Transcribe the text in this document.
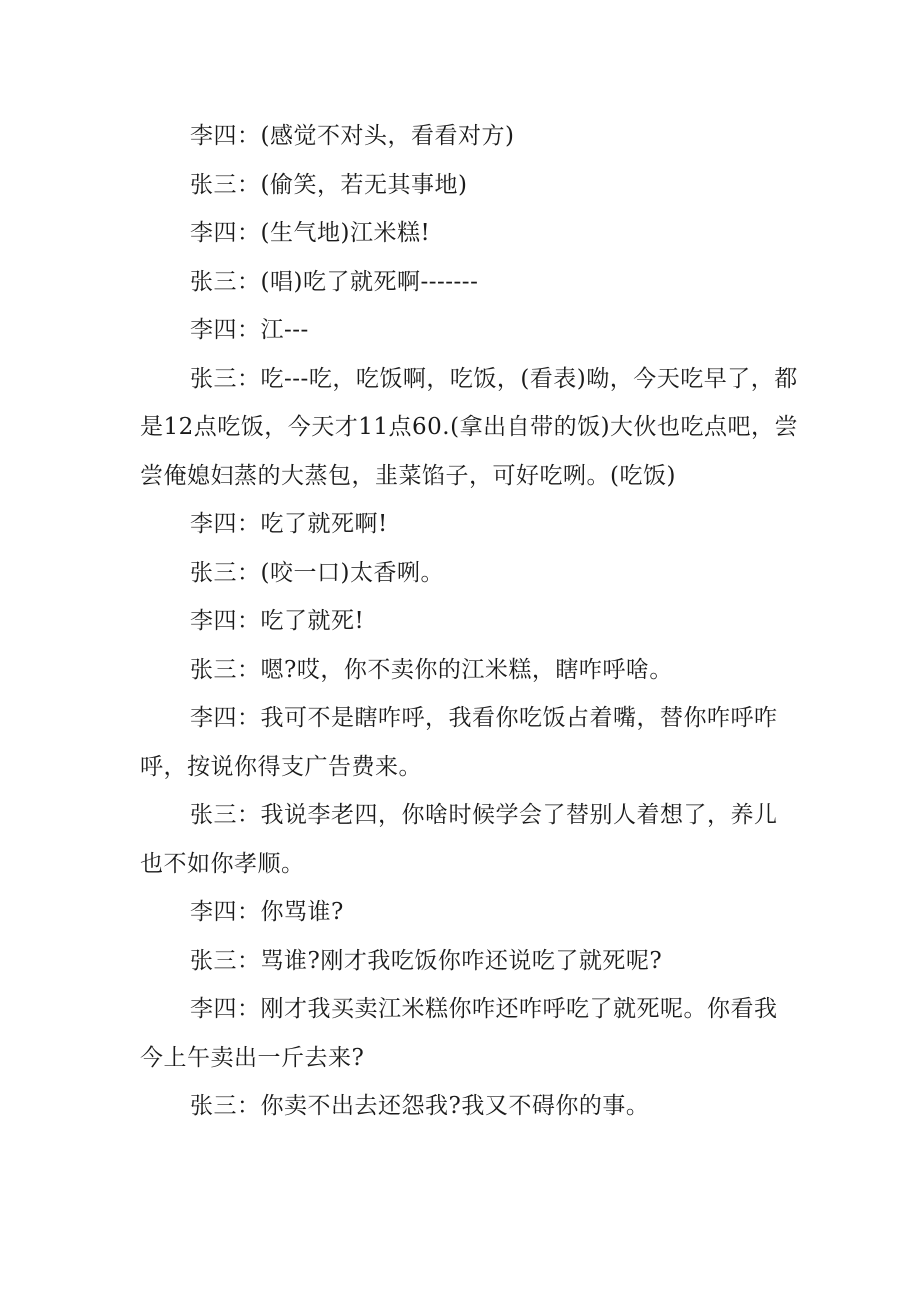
李四：(感觉不对头，看看对方)

张三：(偷笑，若无其事地)

李四：(生气地)江米糕!

张三：(唱)吃了就死啊-------

李四：江---

张三：吃---吃，吃饭啊，吃饭，(看表)呦，今天吃早了，都是12点吃饭，今天才11点60.(拿出自带的饭)大伙也吃点吧，尝尝俺媳妇蒸的大蒸包，韭菜馅子，可好吃咧。(吃饭)

李四：吃了就死啊!

张三：(咬一口)太香咧。

李四：吃了就死!

张三：嗯?哎，你不卖你的江米糕，瞎咋呼啥。

李四：我可不是瞎咋呼，我看你吃饭占着嘴，替你咋呼咋呼，按说你得支广告费来。

张三：我说李老四，你啥时候学会了替别人着想了，养儿也不如你孝顺。

李四：你骂谁?

张三：骂谁?刚才我吃饭你咋还说吃了就死呢?

李四：刚才我买卖江米糕你咋还咋呼吃了就死呢。你看我今上午卖出一斤去来?

张三：你卖不出去还怨我?我又不碍你的事。
